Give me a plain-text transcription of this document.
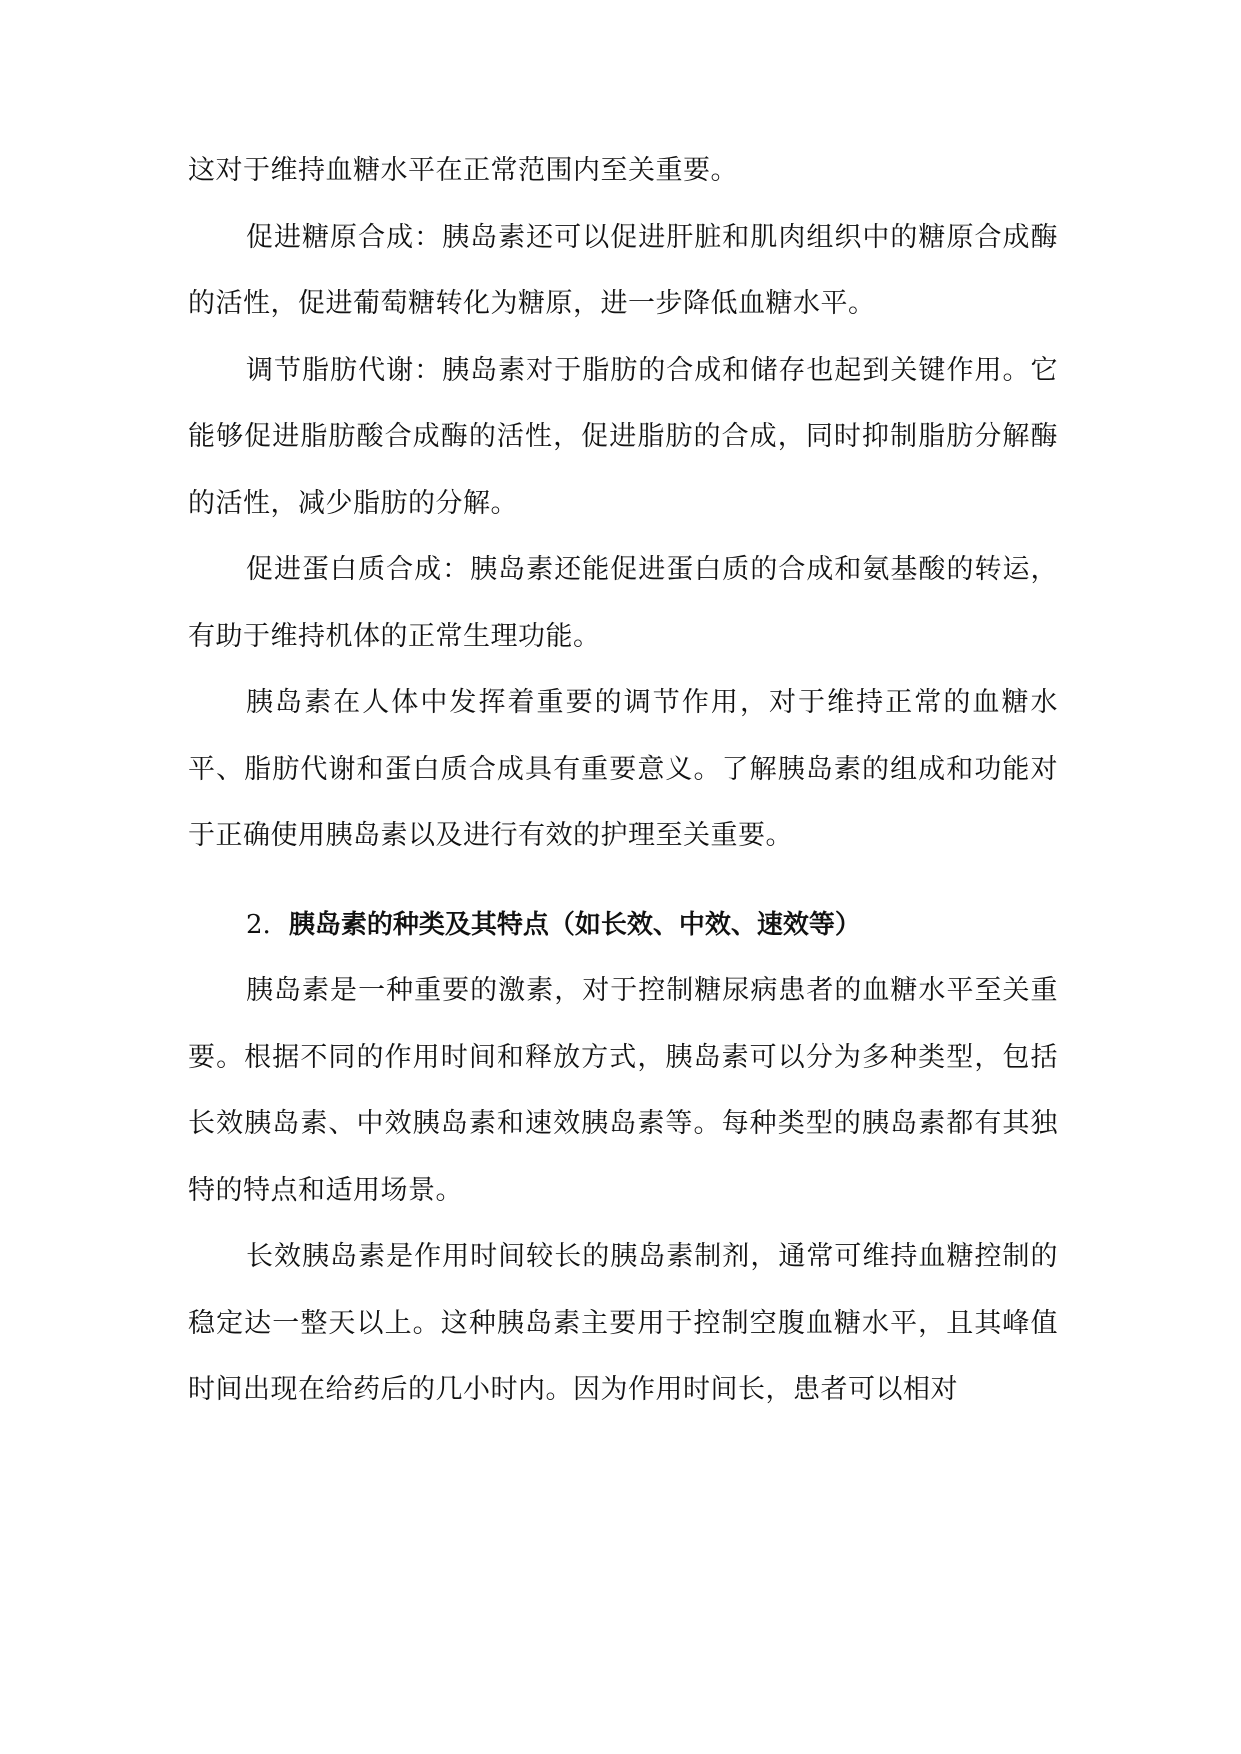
这对于维持血糖水平在正常范围内至关重要。

促进糖原合成：胰岛素还可以促进肝脏和肌肉组织中的糖原合成酶的活性，促进葡萄糖转化为糖原，进一步降低血糖水平。

调节脂肪代谢：胰岛素对于脂肪的合成和储存也起到关键作用。它能够促进脂肪酸合成酶的活性，促进脂肪的合成，同时抑制脂肪分解酶的活性，减少脂肪的分解。

促进蛋白质合成：胰岛素还能促进蛋白质的合成和氨基酸的转运，有助于维持机体的正常生理功能。

胰岛素在人体中发挥着重要的调节作用，对于维持正常的血糖水平、脂肪代谢和蛋白质合成具有重要意义。了解胰岛素的组成和功能对于正确使用胰岛素以及进行有效的护理至关重要。

2. 胰岛素的种类及其特点（如长效、中效、速效等）

胰岛素是一种重要的激素，对于控制糖尿病患者的血糖水平至关重要。根据不同的作用时间和释放方式，胰岛素可以分为多种类型，包括长效胰岛素、中效胰岛素和速效胰岛素等。每种类型的胰岛素都有其独特的特点和适用场景。

长效胰岛素是作用时间较长的胰岛素制剂，通常可维持血糖控制的稳定达一整天以上。这种胰岛素主要用于控制空腹血糖水平，且其峰值时间出现在给药后的几小时内。因为作用时间长，患者可以相对
